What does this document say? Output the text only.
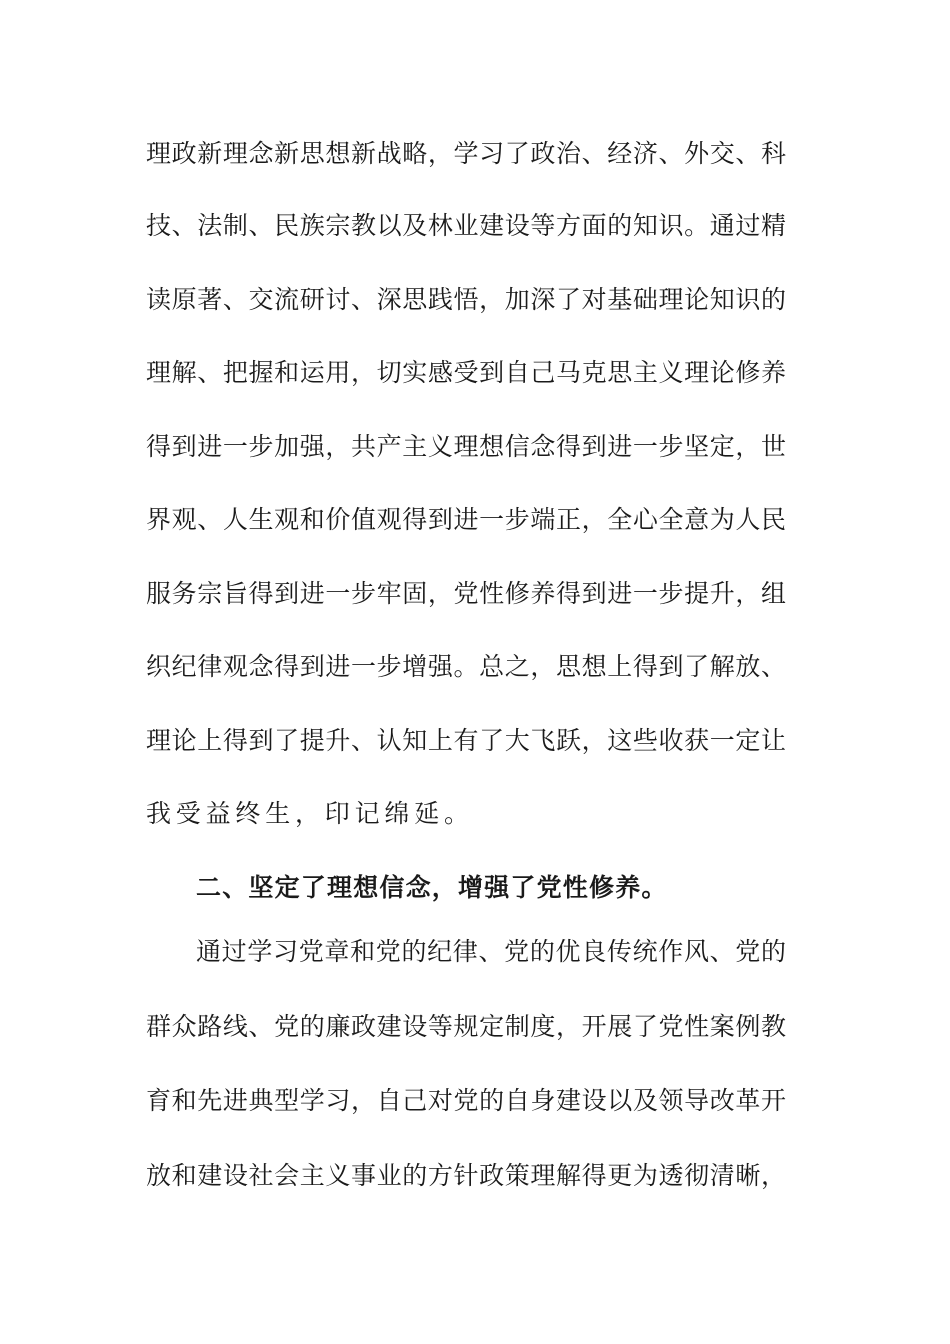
理政新理念新思想新战略，学习了政治、经济、外交、科
技、法制、民族宗教以及林业建设等方面的知识。通过精
读原著、交流研讨、深思践悟，加深了对基础理论知识的
理解、把握和运用，切实感受到自己马克思主义理论修养
得到进一步加强，共产主义理想信念得到进一步坚定，世
界观、人生观和价值观得到进一步端正，全心全意为人民
服务宗旨得到进一步牢固，党性修养得到进一步提升，组
织纪律观念得到进一步增强。总之，思想上得到了解放、
理论上得到了提升、认知上有了大飞跃，这些收获一定让
我受益终生，印记绵延。
二、坚定了理想信念，增强了党性修养。
通过学习党章和党的纪律、党的优良传统作风、党的
群众路线、党的廉政建设等规定制度，开展了党性案例教
育和先进典型学习，自己对党的自身建设以及领导改革开
放和建设社会主义事业的方针政策理解得更为透彻清晰，
